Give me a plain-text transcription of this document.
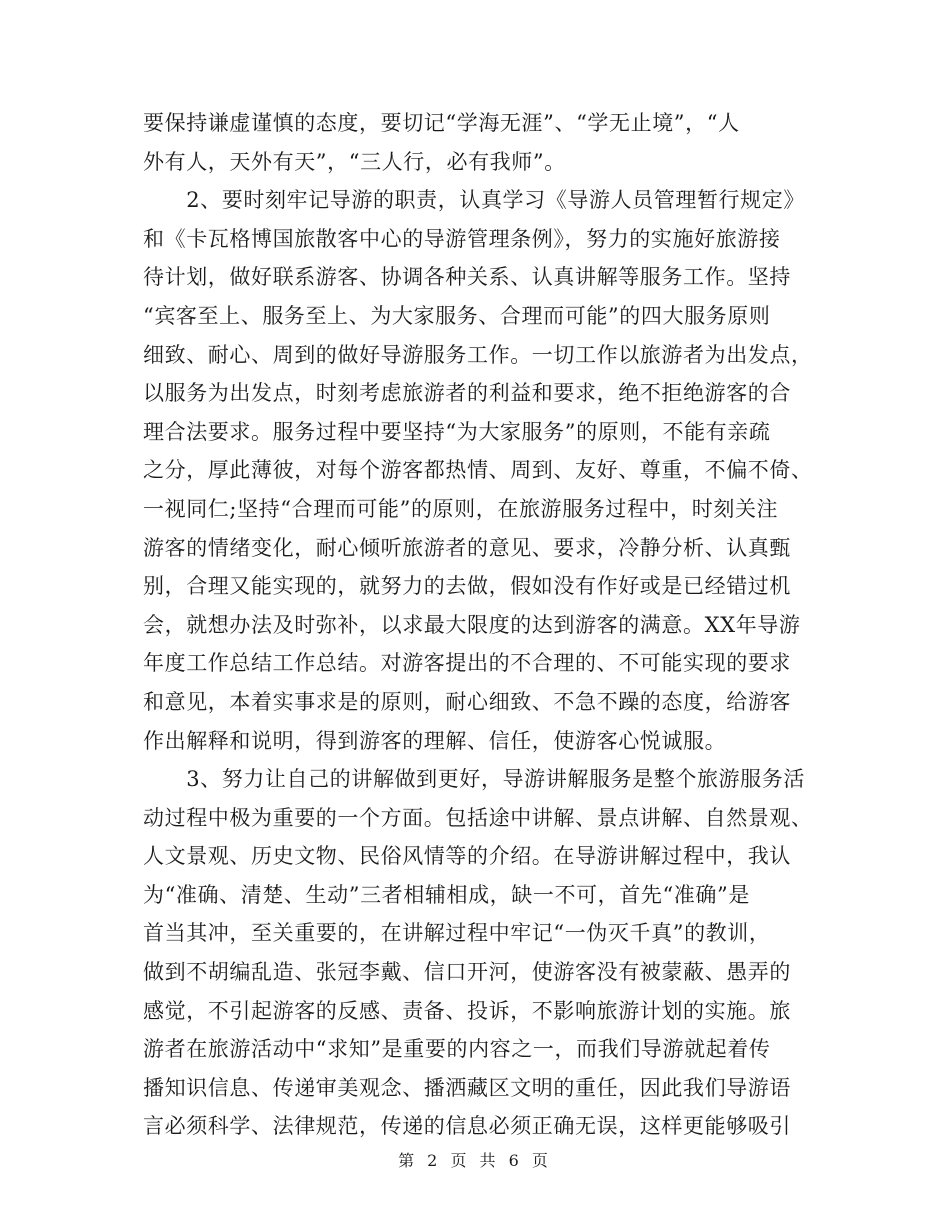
要保持谦虚谨慎的态度，要切记“学海无涯”、“学无止境”，“人
外有人，天外有天”，“三人行，必有我师”。
　　2、要时刻牢记导游的职责，认真学习《导游人员管理暂行规定》
和《卡瓦格博国旅散客中心的导游管理条例》，努力的实施好旅游接
待计划，做好联系游客、协调各种关系、认真讲解等服务工作。坚持
“宾客至上、服务至上、为大家服务、合理而可能”的四大服务原则
细致、耐心、周到的做好导游服务工作。一切工作以旅游者为出发点，
以服务为出发点，时刻考虑旅游者的利益和要求，绝不拒绝游客的合
理合法要求。服务过程中要坚持“为大家服务”的原则，不能有亲疏
之分，厚此薄彼，对每个游客都热情、周到、友好、尊重，不偏不倚、
一视同仁;坚持“合理而可能”的原则，在旅游服务过程中，时刻关注
游客的情绪变化，耐心倾听旅游者的意见、要求，冷静分析、认真甄
别，合理又能实现的，就努力的去做，假如没有作好或是已经错过机
会，就想办法及时弥补，以求最大限度的达到游客的满意。XX年导游
年度工作总结工作总结。对游客提出的不合理的、不可能实现的要求
和意见，本着实事求是的原则，耐心细致、不急不躁的态度，给游客
作出解释和说明，得到游客的理解、信任，使游客心悦诚服。
　　3、努力让自己的讲解做到更好，导游讲解服务是整个旅游服务活
动过程中极为重要的一个方面。包括途中讲解、景点讲解、自然景观、
人文景观、历史文物、民俗风情等的介绍。在导游讲解过程中，我认
为“准确、清楚、生动”三者相辅相成，缺一不可，首先“准确”是
首当其冲，至关重要的，在讲解过程中牢记“一伪灭千真”的教训，
做到不胡编乱造、张冠李戴、信口开河，使游客没有被蒙蔽、愚弄的
感觉，不引起游客的反感、责备、投诉，不影响旅游计划的实施。旅
游者在旅游活动中“求知”是重要的内容之一，而我们导游就起着传
播知识信息、传递审美观念、播洒藏区文明的重任，因此我们导游语
言必须科学、法律规范，传递的信息必须正确无误，这样更能够吸引
第 2 页 共 6 页
